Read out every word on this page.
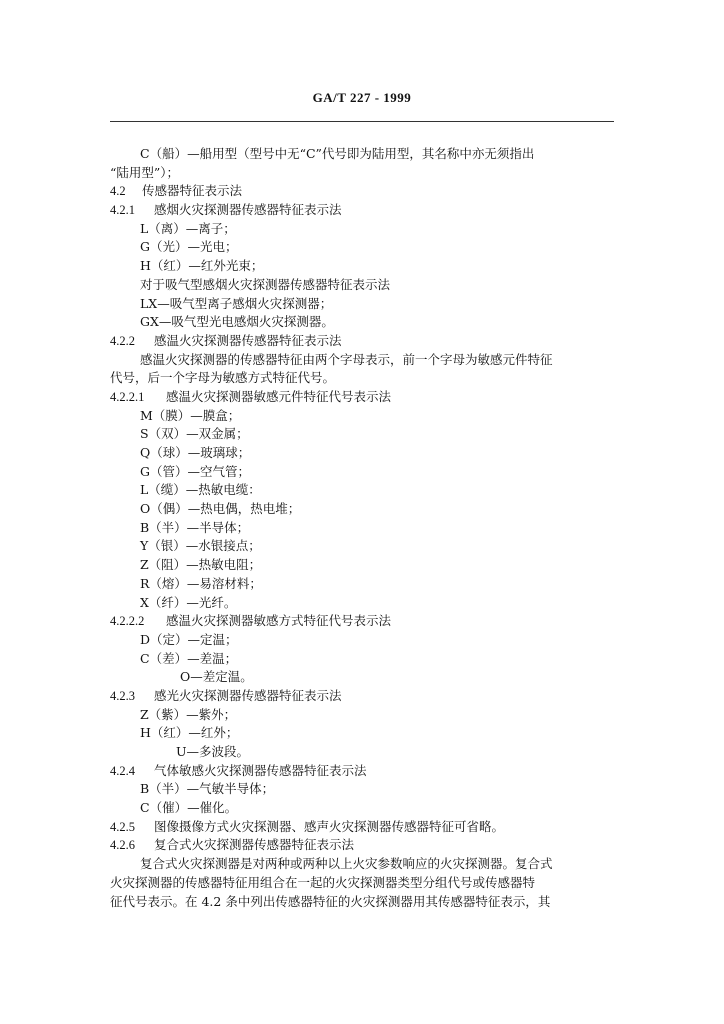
GA/T 227 - 1999
C（船）—船用型（型号中无“C”代号即为陆用型，其名称中亦无须指出
“陆用型”）；
4.2 传感器特征表示法
4.2.1 感烟火灾探测器传感器特征表示法
L（离）—离子；
G（光）—光电；
H（红）—红外光束；
对于吸气型感烟火灾探测器传感器特征表示法
LX—吸气型离子感烟火灾探测器；
GX—吸气型光电感烟火灾探测器。
4.2.2 感温火灾探测器传感器特征表示法
感温火灾探测器的传感器特征由两个字母表示，前一个字母为敏感元件特征
代号，后一个字母为敏感方式特征代号。
4.2.2.1 感温火灾探测器敏感元件特征代号表示法
M（膜）—膜盒；
S（双）—双金属；
Q（球）—玻璃球；
G（管）—空气管；
L（缆）—热敏电缆：
O（偶）—热电偶，热电堆；
B（半）—半导体；
Y（银）—水银接点；
Z（阻）—热敏电阻；
R（熔）—易溶材料；
X（纤）—光纤。
4.2.2.2 感温火灾探测器敏感方式特征代号表示法
D（定）—定温；
C（差）—差温；
O—差定温。
4.2.3 感光火灾探测器传感器特征表示法
Z（紫）—紫外；
H（红）—红外；
U—多波段。
4.2.4 气体敏感火灾探测器传感器特征表示法
B（半）—气敏半导体；
C（催）—催化。
4.2.5 图像摄像方式火灾探测器、感声火灾探测器传感器特征可省略。
4.2.6 复合式火灾探测器传感器特征表示法
复合式火灾探测器是对两种或两种以上火灾参数响应的火灾探测器。复合式
火灾探测器的传感器特征用组合在一起的火灾探测器类型分组代号或传感器特
征代号表示。在 4.2 条中列出传感器特征的火灾探测器用其传感器特征表示，其
